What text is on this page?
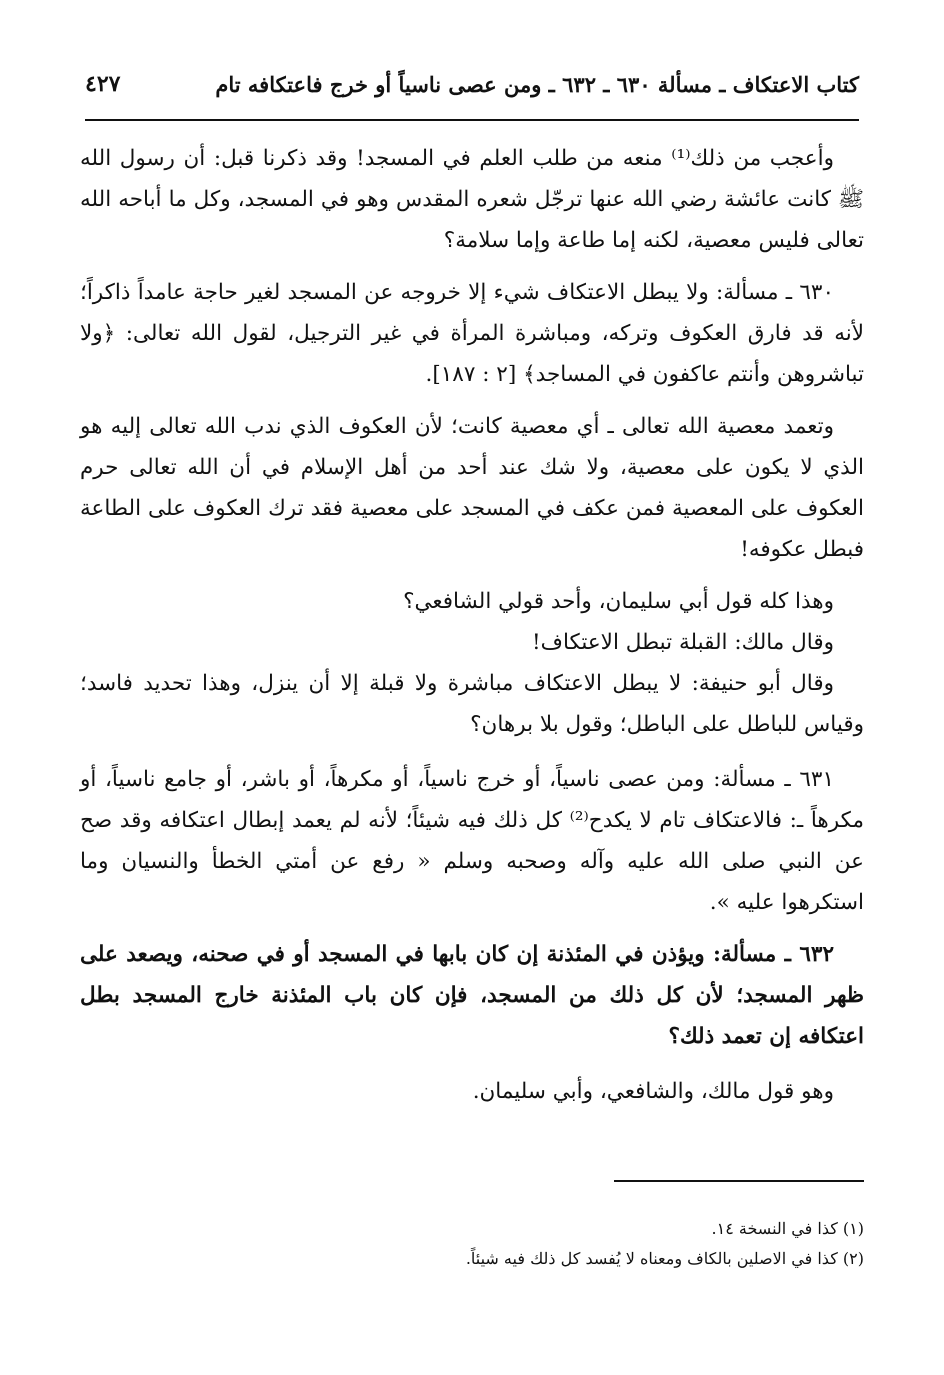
كتاب الاعتكاف ـ مسألة ٦٣٠ ـ ٦٣٢ ـ ومن عصى ناسياً أو خرج فاعتكافه تام
٤٢٧

وأعجب من ذلك⁽¹⁾ منعه من طلب العلم في المسجد! وقد ذكرنا قبل: أن رسول الله ﷺ كانت عائشة رضي الله عنها ترجّل شعره المقدس وهو في المسجد، وكل ما أباحه الله تعالى فليس معصية، لكنه إما طاعة وإما سلامة؟

٦٣٠ ـ مسألة: ولا يبطل الاعتكاف شيء إلا خروجه عن المسجد لغير حاجة عامداً ذاكراً؛ لأنه قد فارق العكوف وتركه، ومباشرة المرأة في غير الترجيل، لقول الله تعالى: ﴿ولا تباشروهن وأنتم عاكفون في المساجد﴾ [٢ : ١٨٧].

وتعمد معصية الله تعالى ـ أي معصية كانت؛ لأن العكوف الذي ندب الله تعالى إليه هو الذي لا يكون على معصية، ولا شك عند أحد من أهل الإسلام في أن الله تعالى حرم العكوف على المعصية فمن عكف في المسجد على معصية فقد ترك العكوف على الطاعة فبطل عكوفه!

وهذا كله قول أبي سليمان، وأحد قولي الشافعي؟

وقال مالك: القبلة تبطل الاعتكاف!

وقال أبو حنيفة: لا يبطل الاعتكاف مباشرة ولا قبلة إلا أن ينزل، وهذا تحديد فاسد؛ وقياس للباطل على الباطل؛ وقول بلا برهان؟

٦٣١ ـ مسألة: ومن عصى ناسياً، أو خرج ناسياً، أو مكرهاً، أو باشر، أو جامع ناسياً، أو مكرهاً ـ: فالاعتكاف تام لا يكدح⁽²⁾ كل ذلك فيه شيئاً؛ لأنه لم يعمد إبطال اعتكافه وقد صح عن النبي صلى الله عليه وآله وصحبه وسلم « رفع عن أمتي الخطأ والنسيان وما استكرهوا عليه ».

٦٣٢ ـ مسألة: ويؤذن في المئذنة إن كان بابها في المسجد أو في صحنه، ويصعد على ظهر المسجد؛ لأن كل ذلك من المسجد، فإن كان باب المئذنة خارج المسجد بطل اعتكافه إن تعمد ذلك؟

وهو قول مالك، والشافعي، وأبي سليمان.

(١) كذا في النسخة ١٤.
(٢) كذا في الاصلين بالكاف ومعناه لا يُفسد كل ذلك فيه شيئاً.
